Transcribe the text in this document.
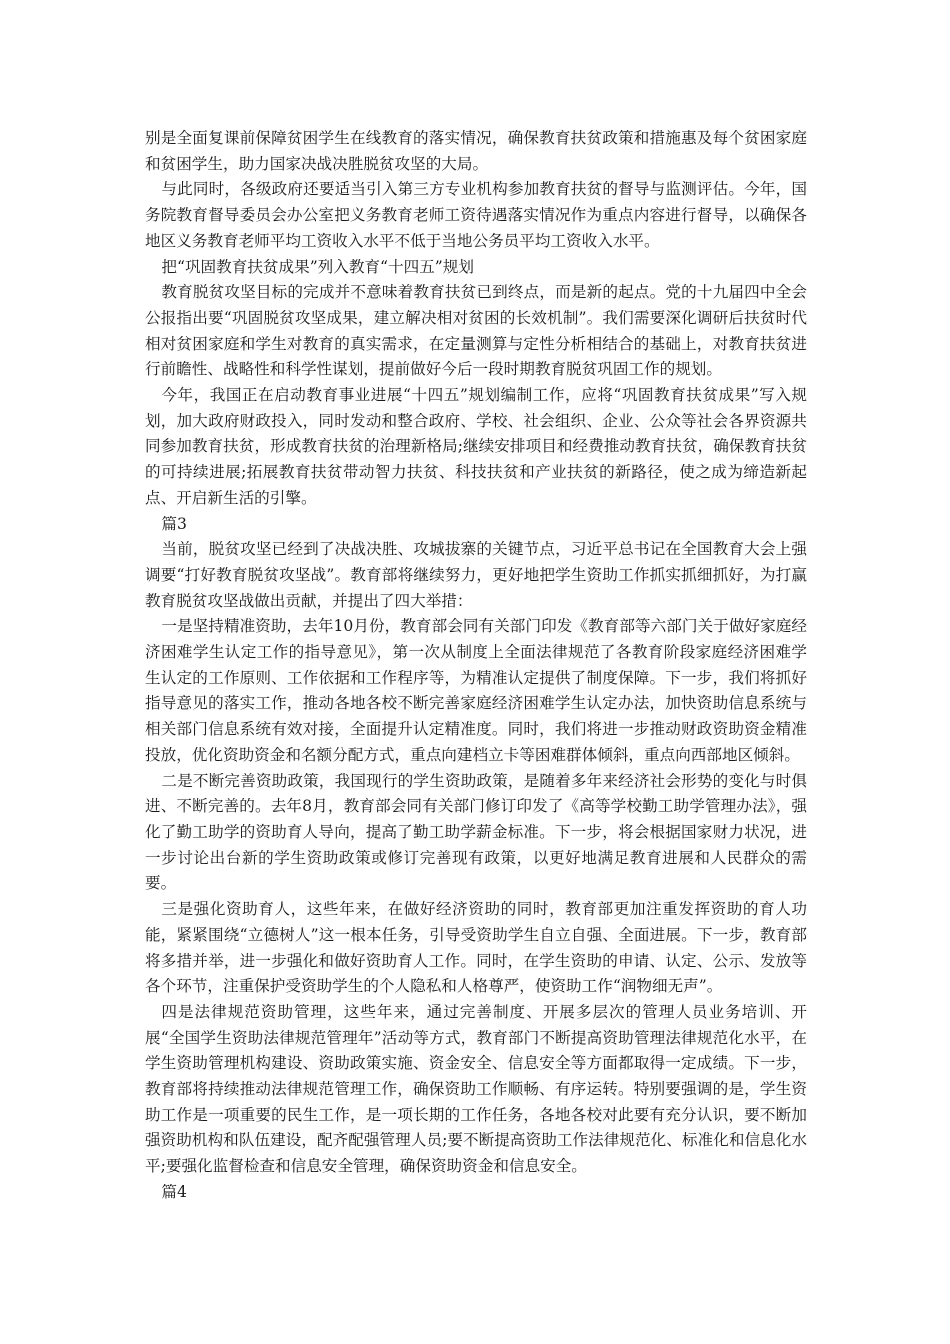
别是全面复课前保障贫困学生在线教育的落实情况，确保教育扶贫政策和措施惠及每个贫困家庭和贫困学生，助力国家决战决胜脱贫攻坚的大局。

与此同时，各级政府还要适当引入第三方专业机构参加教育扶贫的督导与监测评估。今年，国务院教育督导委员会办公室把义务教育老师工资待遇落实情况作为重点内容进行督导，以确保各地区义务教育老师平均工资收入水平不低于当地公务员平均工资收入水平。

把“巩固教育扶贫成果”列入教育“十四五”规划

教育脱贫攻坚目标的完成并不意味着教育扶贫已到终点，而是新的起点。党的十九届四中全会公报指出要“巩固脱贫攻坚成果，建立解决相对贫困的长效机制”。我们需要深化调研后扶贫时代相对贫困家庭和学生对教育的真实需求，在定量测算与定性分析相结合的基础上，对教育扶贫进行前瞻性、战略性和科学性谋划，提前做好今后一段时期教育脱贫巩固工作的规划。

今年，我国正在启动教育事业进展“十四五”规划编制工作，应将“巩固教育扶贫成果”写入规划，加大政府财政投入，同时发动和整合政府、学校、社会组织、企业、公众等社会各界资源共同参加教育扶贫，形成教育扶贫的治理新格局;继续安排项目和经费推动教育扶贫，确保教育扶贫的可持续进展;拓展教育扶贫带动智力扶贫、科技扶贫和产业扶贫的新路径，使之成为缔造新起点、开启新生活的引擎。

篇3

当前，脱贫攻坚已经到了决战决胜、攻城拔寨的关键节点，习近平总书记在全国教育大会上强调要“打好教育脱贫攻坚战”。教育部将继续努力，更好地把学生资助工作抓实抓细抓好，为打赢教育脱贫攻坚战做出贡献，并提出了四大举措：

一是坚持精准资助，去年10月份，教育部会同有关部门印发《教育部等六部门关于做好家庭经济困难学生认定工作的指导意见》，第一次从制度上全面法律规范了各教育阶段家庭经济困难学生认定的工作原则、工作依据和工作程序等，为精准认定提供了制度保障。下一步，我们将抓好指导意见的落实工作，推动各地各校不断完善家庭经济困难学生认定办法，加快资助信息系统与相关部门信息系统有效对接，全面提升认定精准度。同时，我们将进一步推动财政资助资金精准投放，优化资助资金和名额分配方式，重点向建档立卡等困难群体倾斜，重点向西部地区倾斜。

二是不断完善资助政策，我国现行的学生资助政策，是随着多年来经济社会形势的变化与时俱进、不断完善的。去年8月，教育部会同有关部门修订印发了《高等学校勤工助学管理办法》，强化了勤工助学的资助育人导向，提高了勤工助学薪金标准。下一步，将会根据国家财力状况，进一步讨论出台新的学生资助政策或修订完善现有政策，以更好地满足教育进展和人民群众的需要。

三是强化资助育人，这些年来，在做好经济资助的同时，教育部更加注重发挥资助的育人功能，紧紧围绕“立德树人”这一根本任务，引导受资助学生自立自强、全面进展。下一步，教育部将多措并举，进一步强化和做好资助育人工作。同时，在学生资助的申请、认定、公示、发放等各个环节，注重保护受资助学生的个人隐私和人格尊严，使资助工作“润物细无声”。

四是法律规范资助管理，这些年来，通过完善制度、开展多层次的管理人员业务培训、开展“全国学生资助法律规范管理年”活动等方式，教育部门不断提高资助管理法律规范化水平，在学生资助管理机构建设、资助政策实施、资金安全、信息安全等方面都取得一定成绩。下一步，教育部将持续推动法律规范管理工作，确保资助工作顺畅、有序运转。特别要强调的是，学生资助工作是一项重要的民生工作，是一项长期的工作任务，各地各校对此要有充分认识，要不断加强资助机构和队伍建设，配齐配强管理人员;要不断提高资助工作法律规范化、标准化和信息化水平;要强化监督检查和信息安全管理，确保资助资金和信息安全。

篇4
